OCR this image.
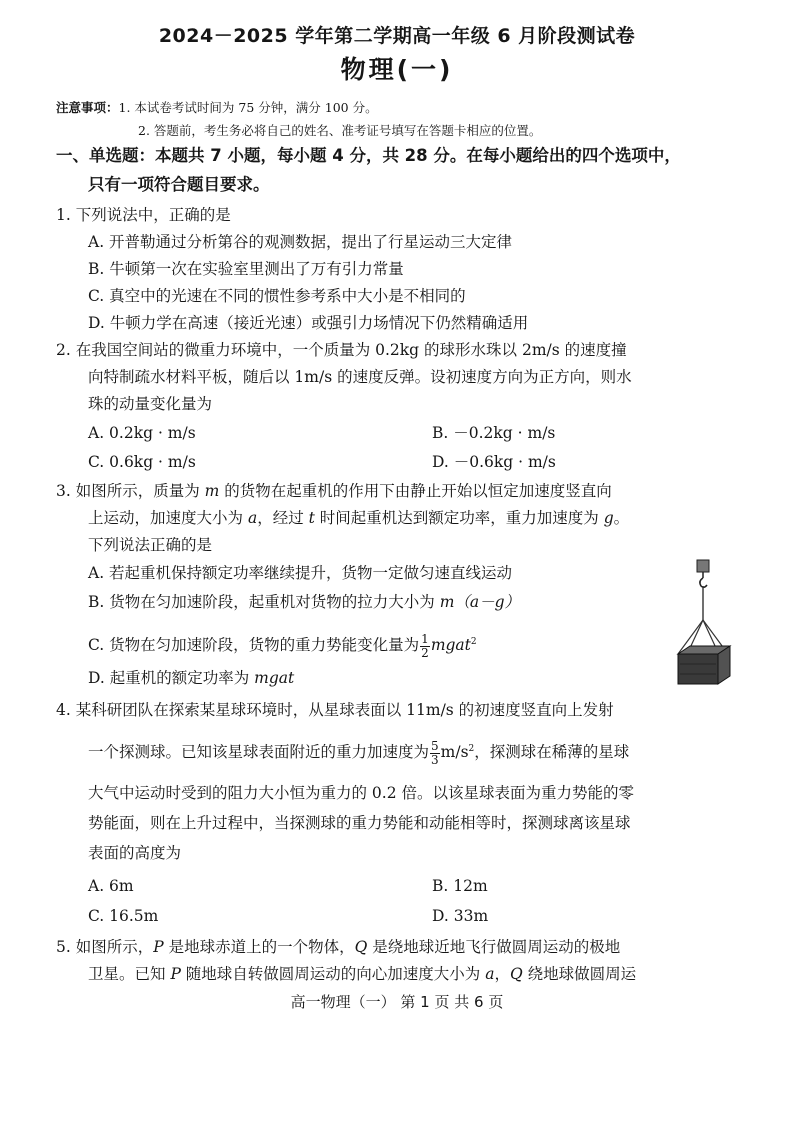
2024－2025 学年第二学期高一年级 6 月阶段测试卷
物理(一)
注意事项：1. 本试卷考试时间为 75 分钟，满分 100 分。
2. 答题前，考生务必将自己的姓名、准考证号填写在答题卡相应的位置。
一、单选题：本题共 7 小题，每小题 4 分，共 28 分。在每小题给出的四个选项中，
只有一项符合题目要求。
1. 下列说法中，正确的是
A. 开普勒通过分析第谷的观测数据，提出了行星运动三大定律
B. 牛顿第一次在实验室里测出了万有引力常量
C. 真空中的光速在不同的惯性参考系中大小是不相同的
D. 牛顿力学在高速（接近光速）或强引力场情况下仍然精确适用
2. 在我国空间站的微重力环境中，一个质量为 0.2kg 的球形水珠以 2m/s 的速度撞
向特制疏水材料平板，随后以 1m/s 的速度反弹。设初速度方向为正方向，则水
珠的动量变化量为
A. 0.2kg · m/s	B. －0.2kg · m/s
C. 0.6kg · m/s	D. －0.6kg · m/s
3. 如图所示，质量为 m 的货物在起重机的作用下由静止开始以恒定加速度竖直向
上运动，加速度大小为 a，经过 t 时间起重机达到额定功率，重力加速度为 g。
下列说法正确的是
A. 若起重机保持额定功率继续提升，货物一定做匀速直线运动
B. 货物在匀加速阶段，起重机对货物的拉力大小为 m（a－g）
C. 货物在匀加速阶段，货物的重力势能变化量为 $\frac{1}{2}$ mgat$^2$
D. 起重机的额定功率为 mgat
4. 某科研团队在探索某星球环境时，从星球表面以 11m/s 的初速度竖直向上发射
一个探测球。已知该星球表面附近的重力加速度为 $\frac{5}{3} m/s^2$，探测球在稀薄的星球
大气中运动时受到的阻力大小恒为重力的 0.2 倍。以该星球表面为重力势能的零
势能面，则在上升过程中，当探测球的重力势能和动能相等时，探测球离该星球
表面的高度为
A. 6m	B. 12m
C. 16.5m	D. 33m
5. 如图所示，P 是地球赤道上的一个物体，Q 是绕地球近地飞行做圆周运动的极地
卫星。已知 P 随地球自转做圆周运动的向心加速度大小为 a，Q 绕地球做圆周运
高一物理（一） 第 1 页 共 6 页
